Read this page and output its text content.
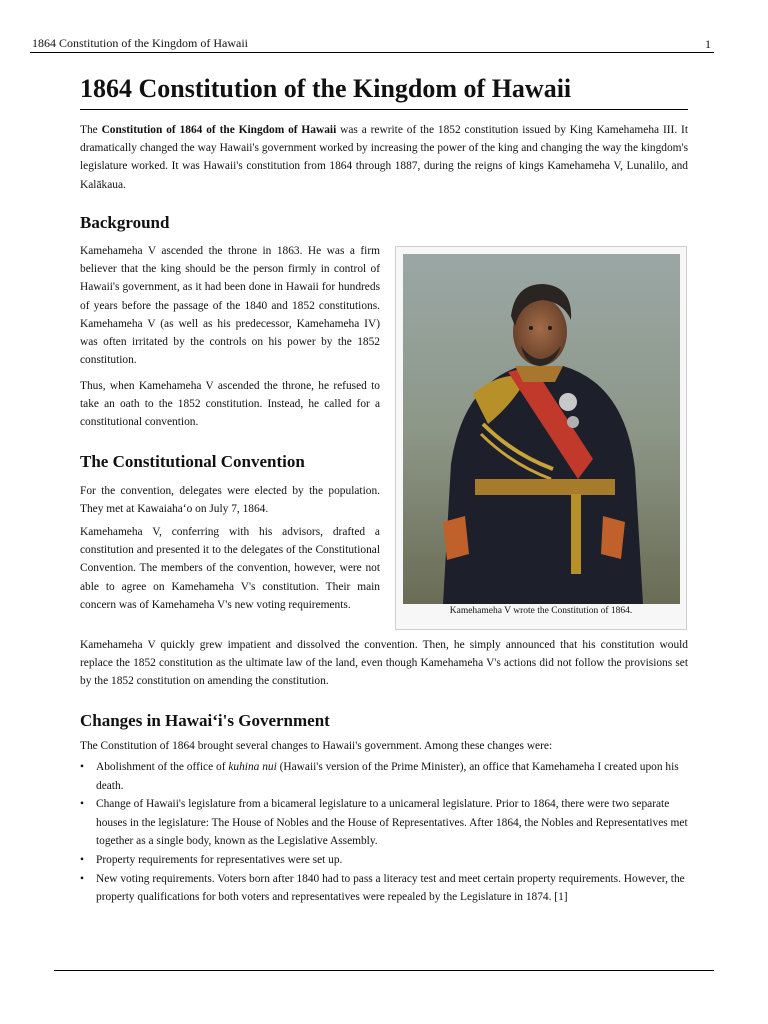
1864 Constitution of the Kingdom of Hawaii	1
1864 Constitution of the Kingdom of Hawaii

The Constitution of 1864 of the Kingdom of Hawaii was a rewrite of the 1852 constitution issued by King Kamehameha III. It dramatically changed the way Hawaii's government worked by increasing the power of the king and changing the way the kingdom's legislature worked. It was Hawaii's constitution from 1864 through 1887, during the reigns of kings Kamehameha V, Lunalilo, and Kalākaua.

Background

Kamehameha V ascended the throne in 1863. He was a firm believer that the king should be the person firmly in control of Hawaii's government, as it had been done in Hawaii for hundreds of years before the passage of the 1840 and 1852 constitutions. Kamehameha V (as well as his predecessor, Kamehameha IV) was often irritated by the controls on his power by the 1852 constitution.

Thus, when Kamehameha V ascended the throne, he refused to take an oath to the 1852 constitution. Instead, he called for a constitutional convention.

The Constitutional Convention

For the convention, delegates were elected by the population. They met at Kawaiahaʻo on July 7, 1864.

Kamehameha V, conferring with his advisors, drafted a constitution and presented it to the delegates of the Constitutional Convention. The members of the convention, however, were not able to agree on Kamehameha V's constitution. Their main concern was of Kamehameha V's new voting requirements.

Kamehameha V quickly grew impatient and dissolved the convention. Then, he simply announced that his constitution would replace the 1852 constitution as the ultimate law of the land, even though Kamehameha V's actions did not follow the provisions set by the 1852 constitution on amending the constitution.

Kamehameha V wrote the Constitution of 1864.
Changes in Hawaiʻi's Government

The Constitution of 1864 brought several changes to Hawaii's government. Among these changes were:

• Abolishment of the office of kuhina nui (Hawaii's version of the Prime Minister), an office that Kamehameha I created upon his death.
• Change of Hawaii's legislature from a bicameral legislature to a unicameral legislature. Prior to 1864, there were two separate houses in the legislature: The House of Nobles and the House of Representatives. After 1864, the Nobles and Representatives met together as a single body, known as the Legislative Assembly.
• Property requirements for representatives were set up.
• New voting requirements. Voters born after 1840 had to pass a literacy test and meet certain property requirements. However, the property qualifications for both voters and representatives were repealed by the Legislature in 1874. [1]
